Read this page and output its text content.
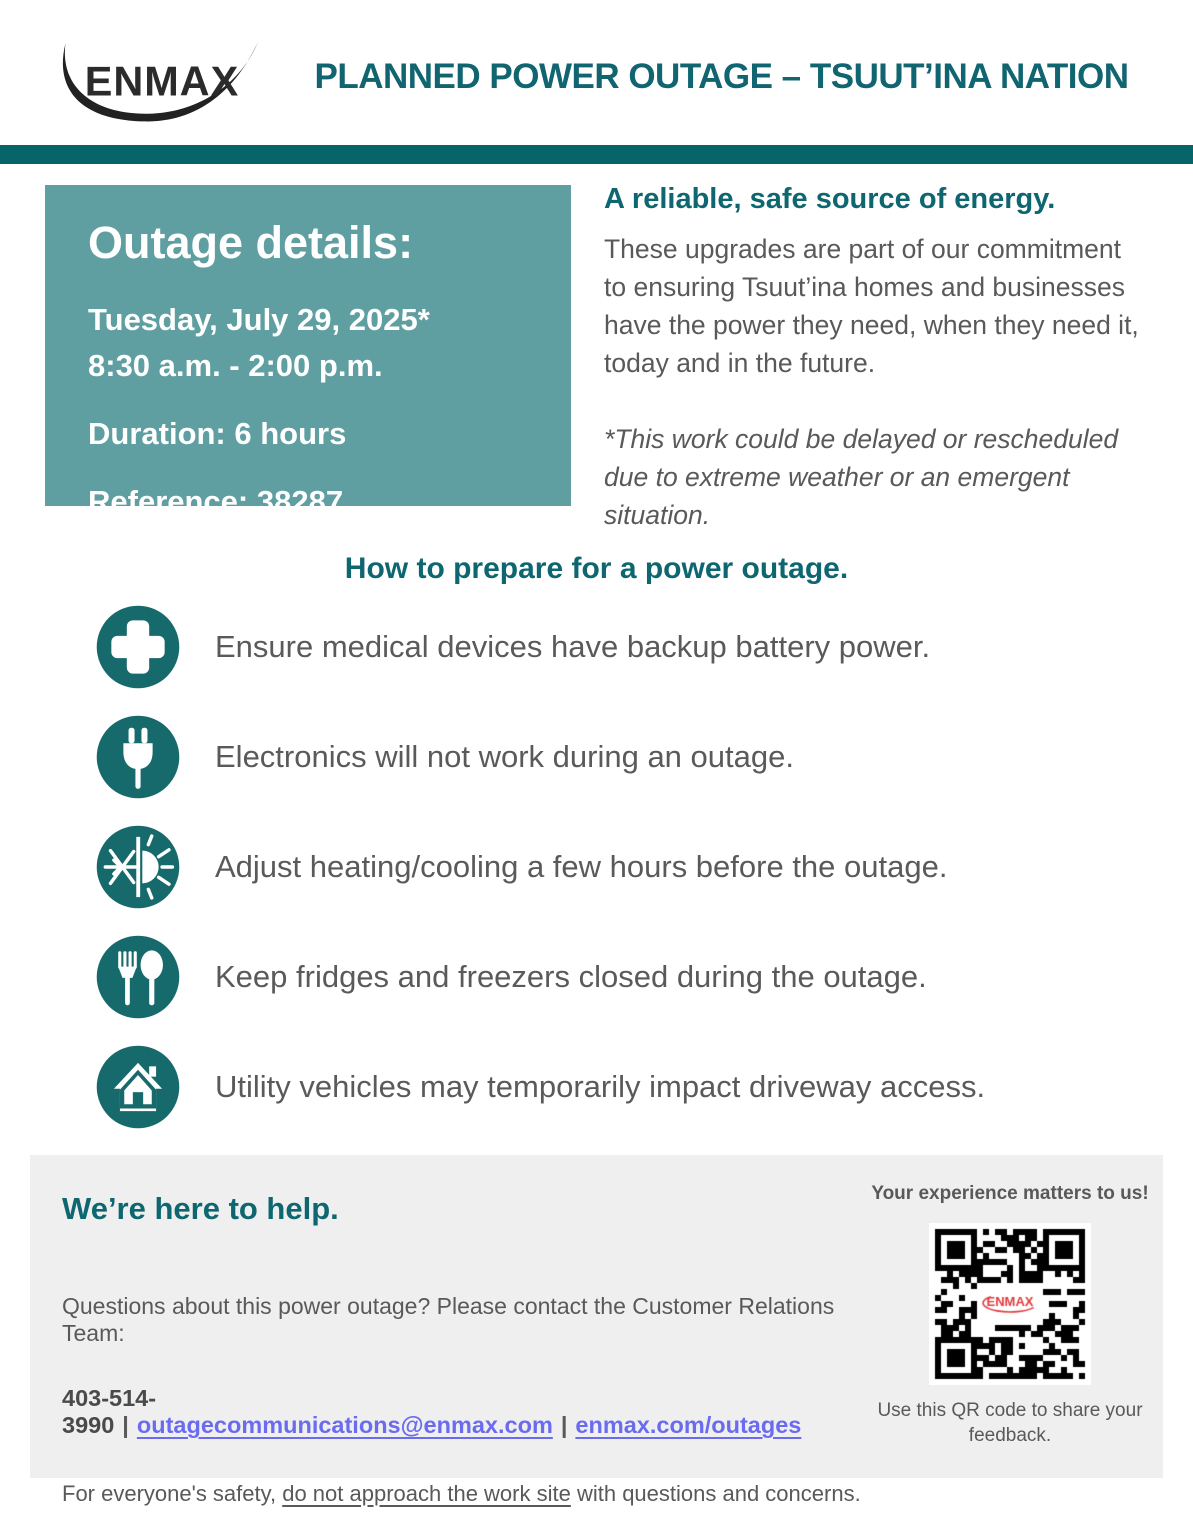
ENMAX	PLANNED POWER OUTAGE – TSUUT’INA NATION
Outage details:
Tuesday, July 29, 2025*
8:30 a.m. - 2:00 p.m.
Duration: 6 hours
Reference: 38287
A reliable, safe source of energy.

These upgrades are part of our commitment to ensuring Tsuut’ina homes and businesses have the power they need, when they need it, today and in the future.

*This work could be delayed or rescheduled due to extreme weather or an emergent situation.

How to prepare for a power outage.
Ensure medical devices have backup battery power.
Electronics will not work during an outage.
Adjust heating/cooling a few hours before the outage.
Keep fridges and freezers closed during the outage.
Utility vehicles may temporarily impact driveway access.
We’re here to help.

Questions about this power outage? Please contact the Customer Relations Team:

403-514-3990 | outagecommunications@enmax.com | enmax.com/outages

For everyone's safety, do not approach the work site with questions and concerns.

Your experience matters to us!
Use this QR code to share your feedback.
